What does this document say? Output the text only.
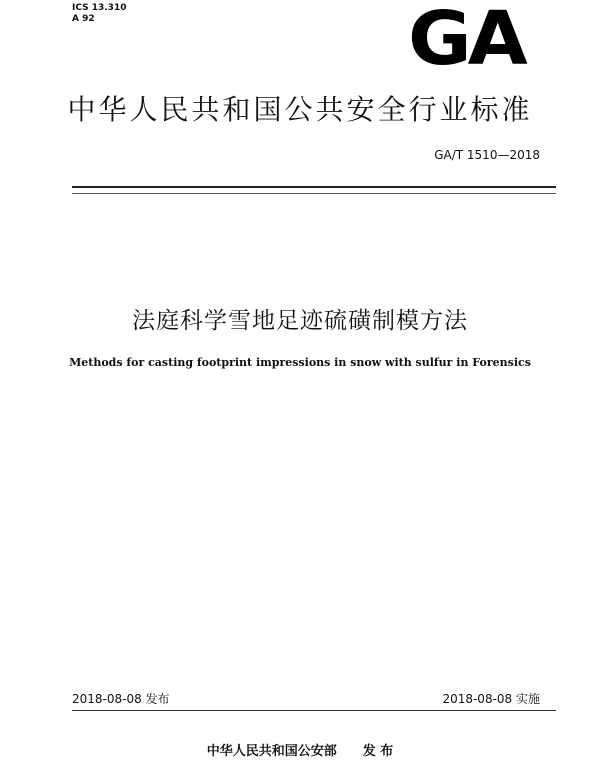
ICS 13.310
A 92	GA
中华人民共和国公共安全行业标准
GA/T 1510—2018
法庭科学雪地足迹硫磺制模方法
Methods for casting footprint impressions in snow with sulfur in Forensics
2018-08-08 发布	2018-08-08 实施
中华人民共和国公安部 发 布
